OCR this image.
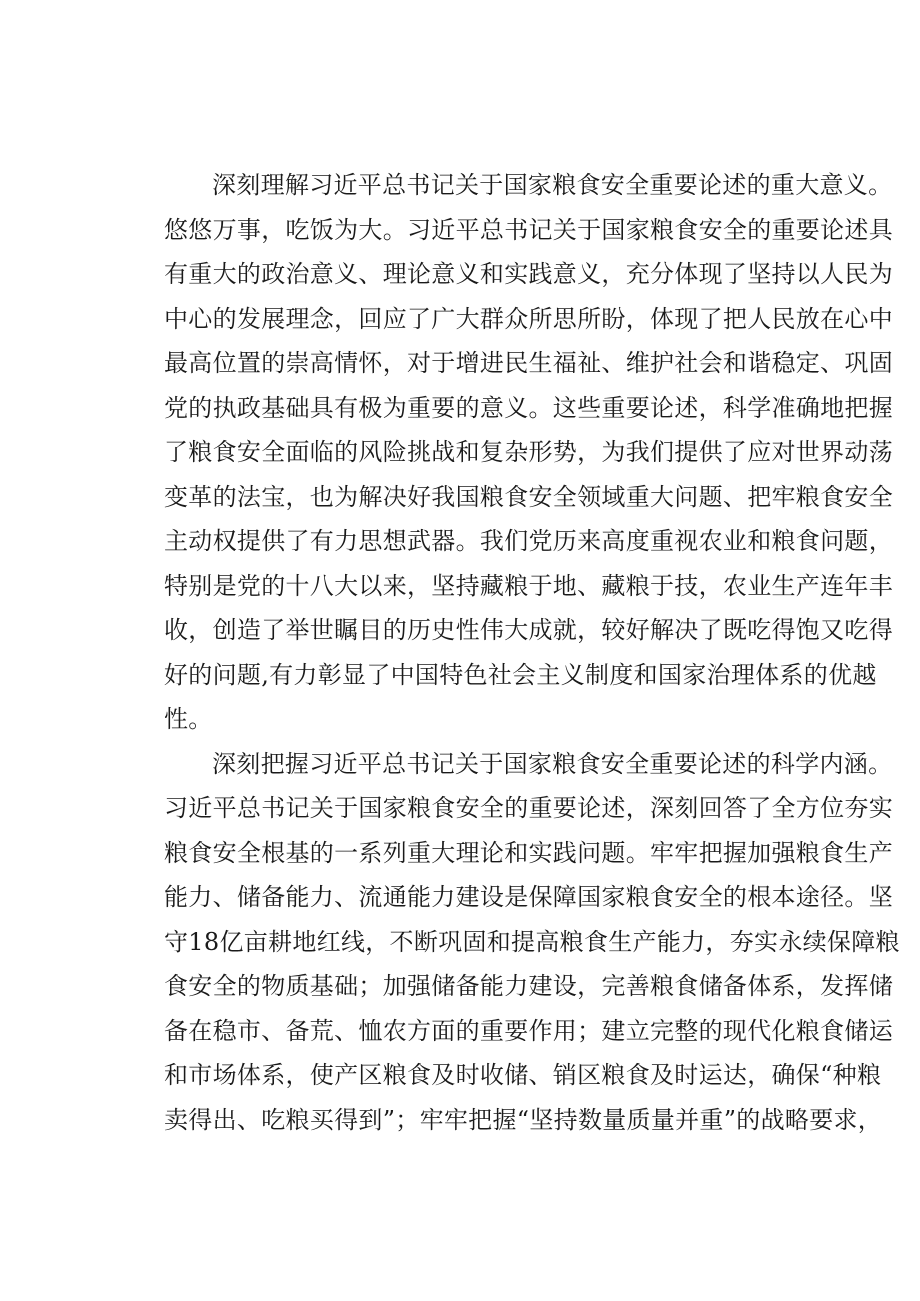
深刻理解习近平总书记关于国家粮食安全重要论述的重大意义。
悠悠万事，吃饭为大。习近平总书记关于国家粮食安全的重要论述具
有重大的政治意义、理论意义和实践意义，充分体现了坚持以人民为
中心的发展理念，回应了广大群众所思所盼，体现了把人民放在心中
最高位置的崇高情怀，对于增进民生福祉、维护社会和谐稳定、巩固
党的执政基础具有极为重要的意义。这些重要论述，科学准确地把握
了粮食安全面临的风险挑战和复杂形势，为我们提供了应对世界动荡
变革的法宝，也为解决好我国粮食安全领域重大问题、把牢粮食安全
主动权提供了有力思想武器。我们党历来高度重视农业和粮食问题，
特别是党的十八大以来，坚持藏粮于地、藏粮于技，农业生产连年丰
收，创造了举世瞩目的历史性伟大成就，较好解决了既吃得饱又吃得
好的问题,有力彰显了中国特色社会主义制度和国家治理体系的优越
性。
深刻把握习近平总书记关于国家粮食安全重要论述的科学内涵。
习近平总书记关于国家粮食安全的重要论述，深刻回答了全方位夯实
粮食安全根基的一系列重大理论和实践问题。牢牢把握加强粮食生产
能力、储备能力、流通能力建设是保障国家粮食安全的根本途径。坚
守18亿亩耕地红线，不断巩固和提高粮食生产能力，夯实永续保障粮
食安全的物质基础；加强储备能力建设，完善粮食储备体系，发挥储
备在稳市、备荒、恤农方面的重要作用；建立完整的现代化粮食储运
和市场体系，使产区粮食及时收储、销区粮食及时运达，确保“种粮
卖得出、吃粮买得到”；牢牢把握“坚持数量质量并重”的战略要求，
